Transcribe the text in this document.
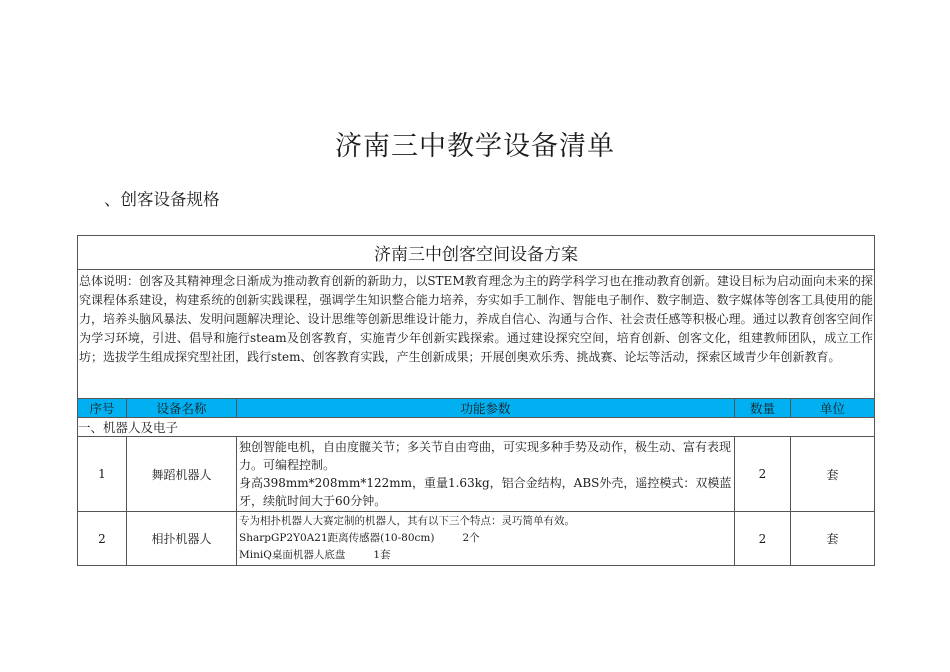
济南三中教学设备清单
、创客设备规格
济南三中创客空间设备方案				
总体说明：创客及其精神理念日渐成为推动教育创新的新助力，以STEM教育理念为主的跨学科学习也在推动教育创新。建设目标为启动面向未来的探究课程体系建设，构建系统的创新实践课程，强调学生知识整合能力培养，夯实如手工制作、智能电子制作、数字制造、数字媒体等创客工具使用的能力，培养头脑风暴法、发明问题解决理论、设计思维等创新思维设计能力，养成自信心、沟通与合作、社会责任感等积极心理。通过以教育创客空间作为学习环境，引进、倡导和施行steam及创客教育，实施青少年创新实践探索。通过建设探究空间，培育创新、创客文化，组建教师团队，成立工作坊；选拔学生组成探究型社团，践行stem、创客教育实践，产生创新成果；开展创奥欢乐秀、挑战赛、论坛等活动，探索区域青少年创新教育。				
序号	设备名称	功能参数	数量	单位
一、机器人及电子				
1	舞蹈机器人	独创智能电机，自由度髋关节；多关节自由弯曲，可实现多种手势及动作，极生动、富有表现力。可编程控制。
身高398mm*208mm*122mm，重量1.63kg，铝合金结构，ABS外壳，遥控模式：双模蓝牙，续航时间大于60分钟。	2	套
2	相扑机器人	专为相扑机器人大赛定制的机器人，其有以下三个特点：灵巧简单有效。
SharpGP2Y0A21距离传感器(10-80cm) 2个
MiniQ桌面机器人底盘 1套	2	套
